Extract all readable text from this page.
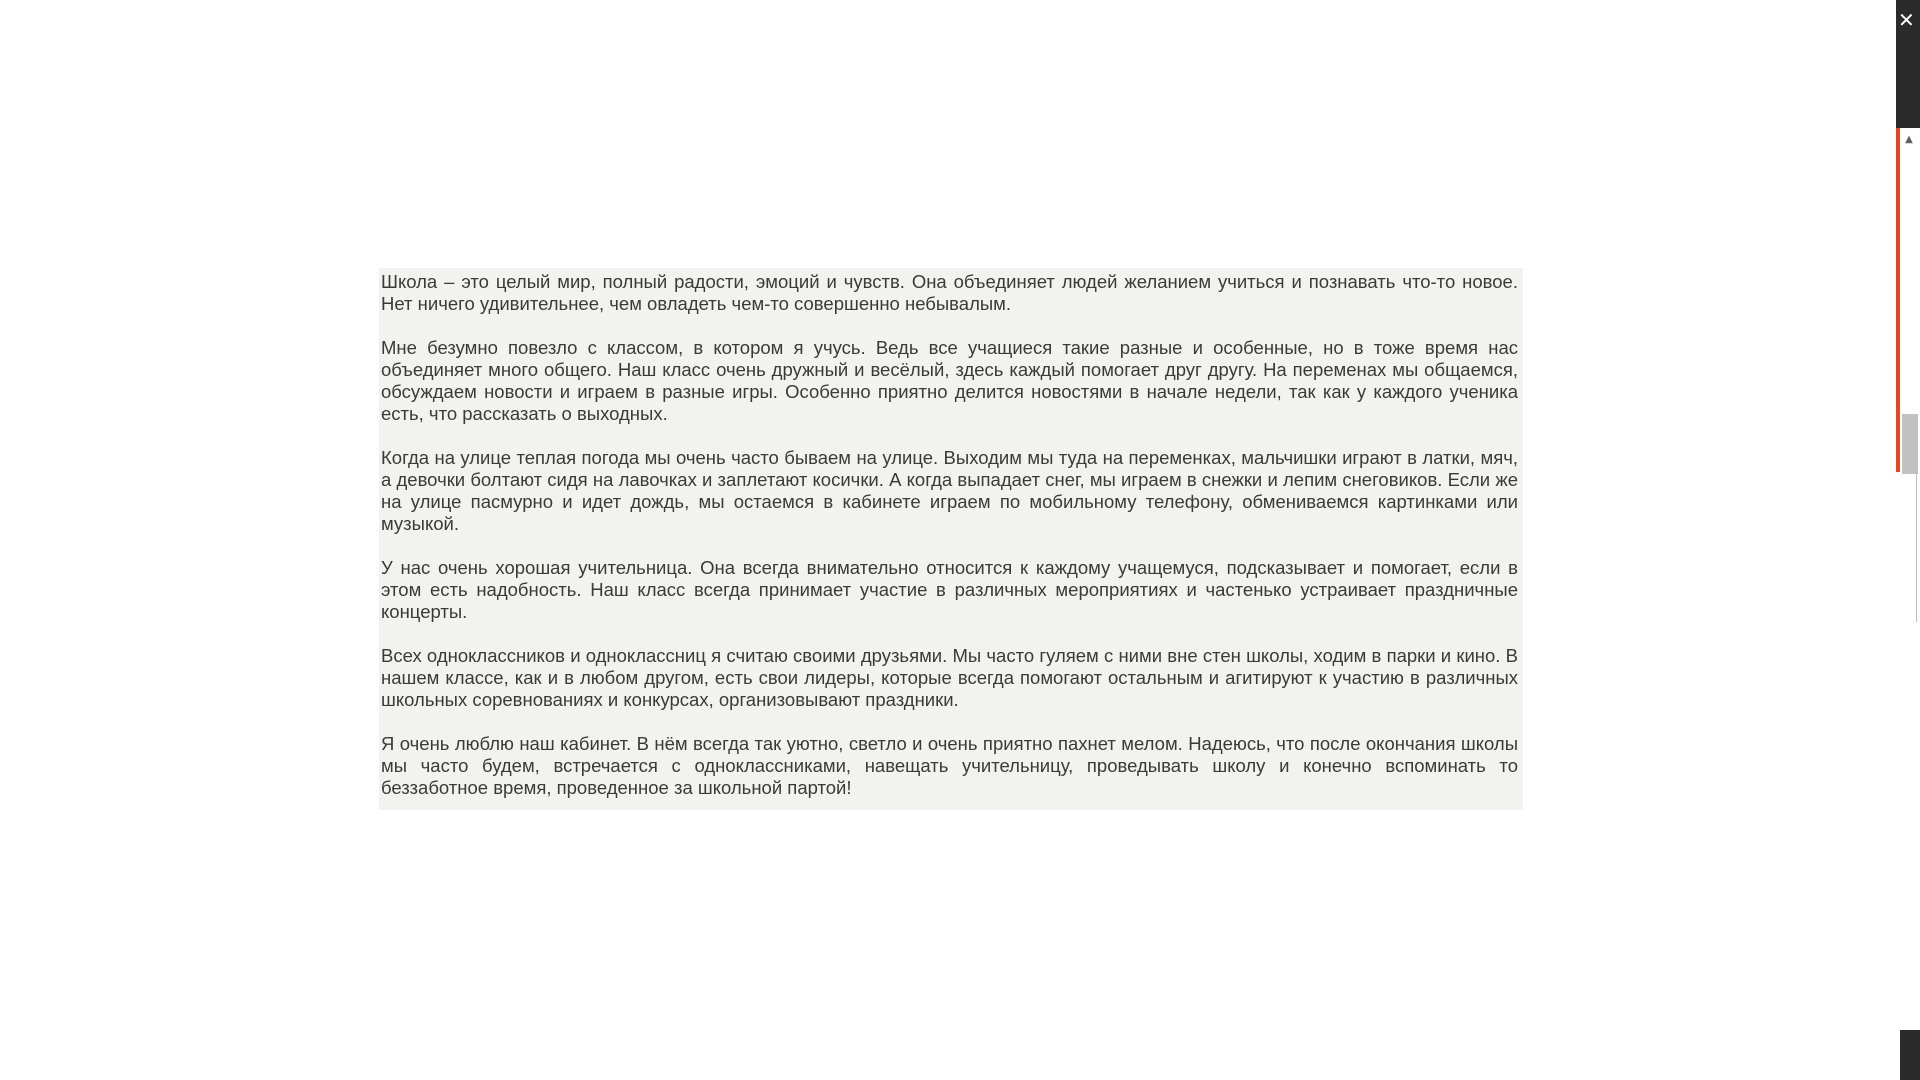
Школа – это целый мир, полный радости, эмоций и чувств. Она объединяет людей желанием учиться и познавать что-то новое. Нет ничего удивительнее, чем овладеть чем-то совершенно небывалым.

Мне безумно повезло с классом, в котором я учусь. Ведь все учащиеся такие разные и особенные, но в тоже время нас объединяет много общего. Наш класс очень дружный и весёлый, здесь каждый помогает друг другу. На переменах мы общаемся, обсуждаем новости и играем в разные игры. Особенно приятно делится новостями в начале недели, так как у каждого ученика есть, что рассказать о выходных.

Когда на улице теплая погода мы очень часто бываем на улице. Выходим мы туда на переменках, мальчишки играют в латки, мяч, а девочки болтают сидя на лавочках и заплетают косички. А когда выпадает снег, мы играем в снежки и лепим снеговиков. Если же на улице пасмурно и идет дождь, мы остаемся в кабинете играем по мобильному телефону, обмениваемся картинками или музыкой.

У нас очень хорошая учительница. Она всегда внимательно относится к каждому учащемуся, подсказывает и помогает, если в этом есть надобность. Наш класс всегда принимает участие в различных мероприятиях и частенько устраивает праздничные концерты.

Всех одноклассников и одноклассниц я считаю своими друзьями. Мы часто гуляем с ними вне стен школы, ходим в парки и кино. В нашем классе, как и в любом другом, есть свои лидеры, которые всегда помогают остальным и агитируют к участию в различных школьных соревнованиях и конкурсах, организовывают праздники.

Я очень люблю наш кабинет. В нём всегда так уютно, светло и очень приятно пахнет мелом. Надеюсь, что после окончания школы мы часто будем, встречается с одноклассниками, навещать учительницу, проведывать школу и конечно вспоминать то беззаботное время, проведенное за школьной партой!

✕
▲
